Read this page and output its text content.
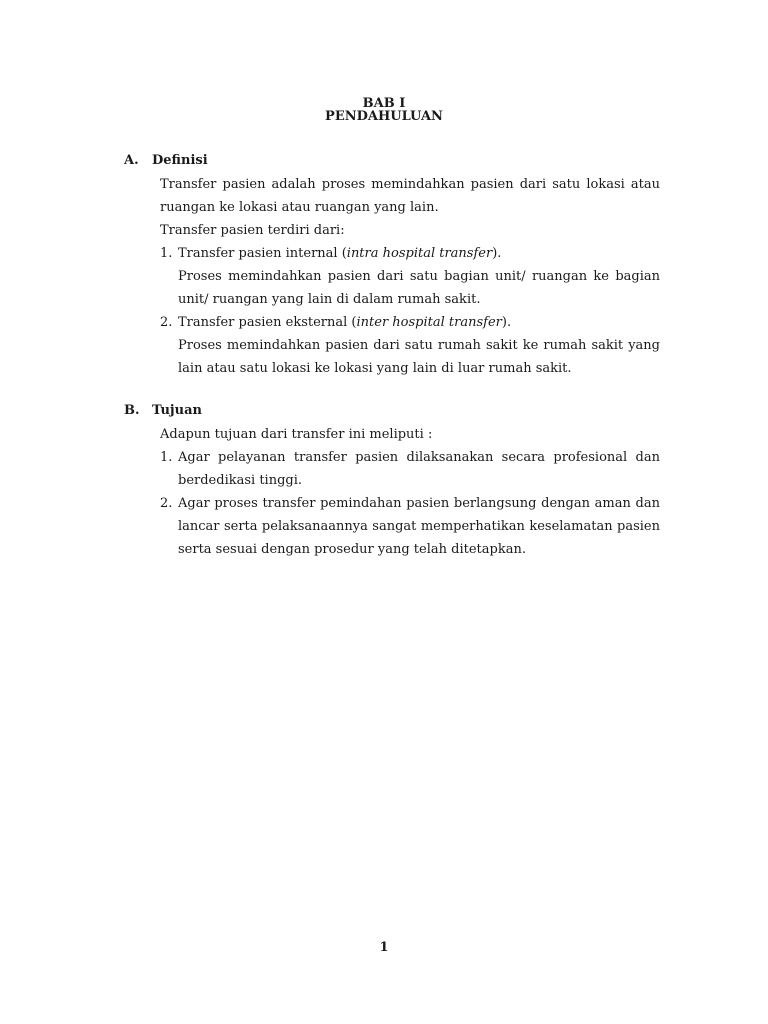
BAB I
PENDAHULUAN
A. Definisi
Transfer pasien adalah proses memindahkan pasien dari satu lokasi atau ruangan ke lokasi atau ruangan yang lain.
Transfer pasien terdiri dari:
1. Transfer pasien internal (intra hospital transfer).
Proses memindahkan pasien dari satu bagian unit/ ruangan ke bagian unit/ ruangan yang lain di dalam rumah sakit.
2. Transfer pasien eksternal (inter hospital transfer).
Proses memindahkan pasien dari satu rumah sakit ke rumah sakit yang lain atau satu lokasi ke lokasi yang lain di luar rumah sakit.
B. Tujuan
Adapun tujuan dari transfer ini meliputi :
1. Agar pelayanan transfer pasien dilaksanakan secara profesional dan berdedikasi tinggi.
2. Agar proses transfer pemindahan pasien berlangsung dengan aman dan lancar serta pelaksanaannya sangat memperhatikan keselamatan pasien serta sesuai dengan prosedur yang telah ditetapkan.
1
